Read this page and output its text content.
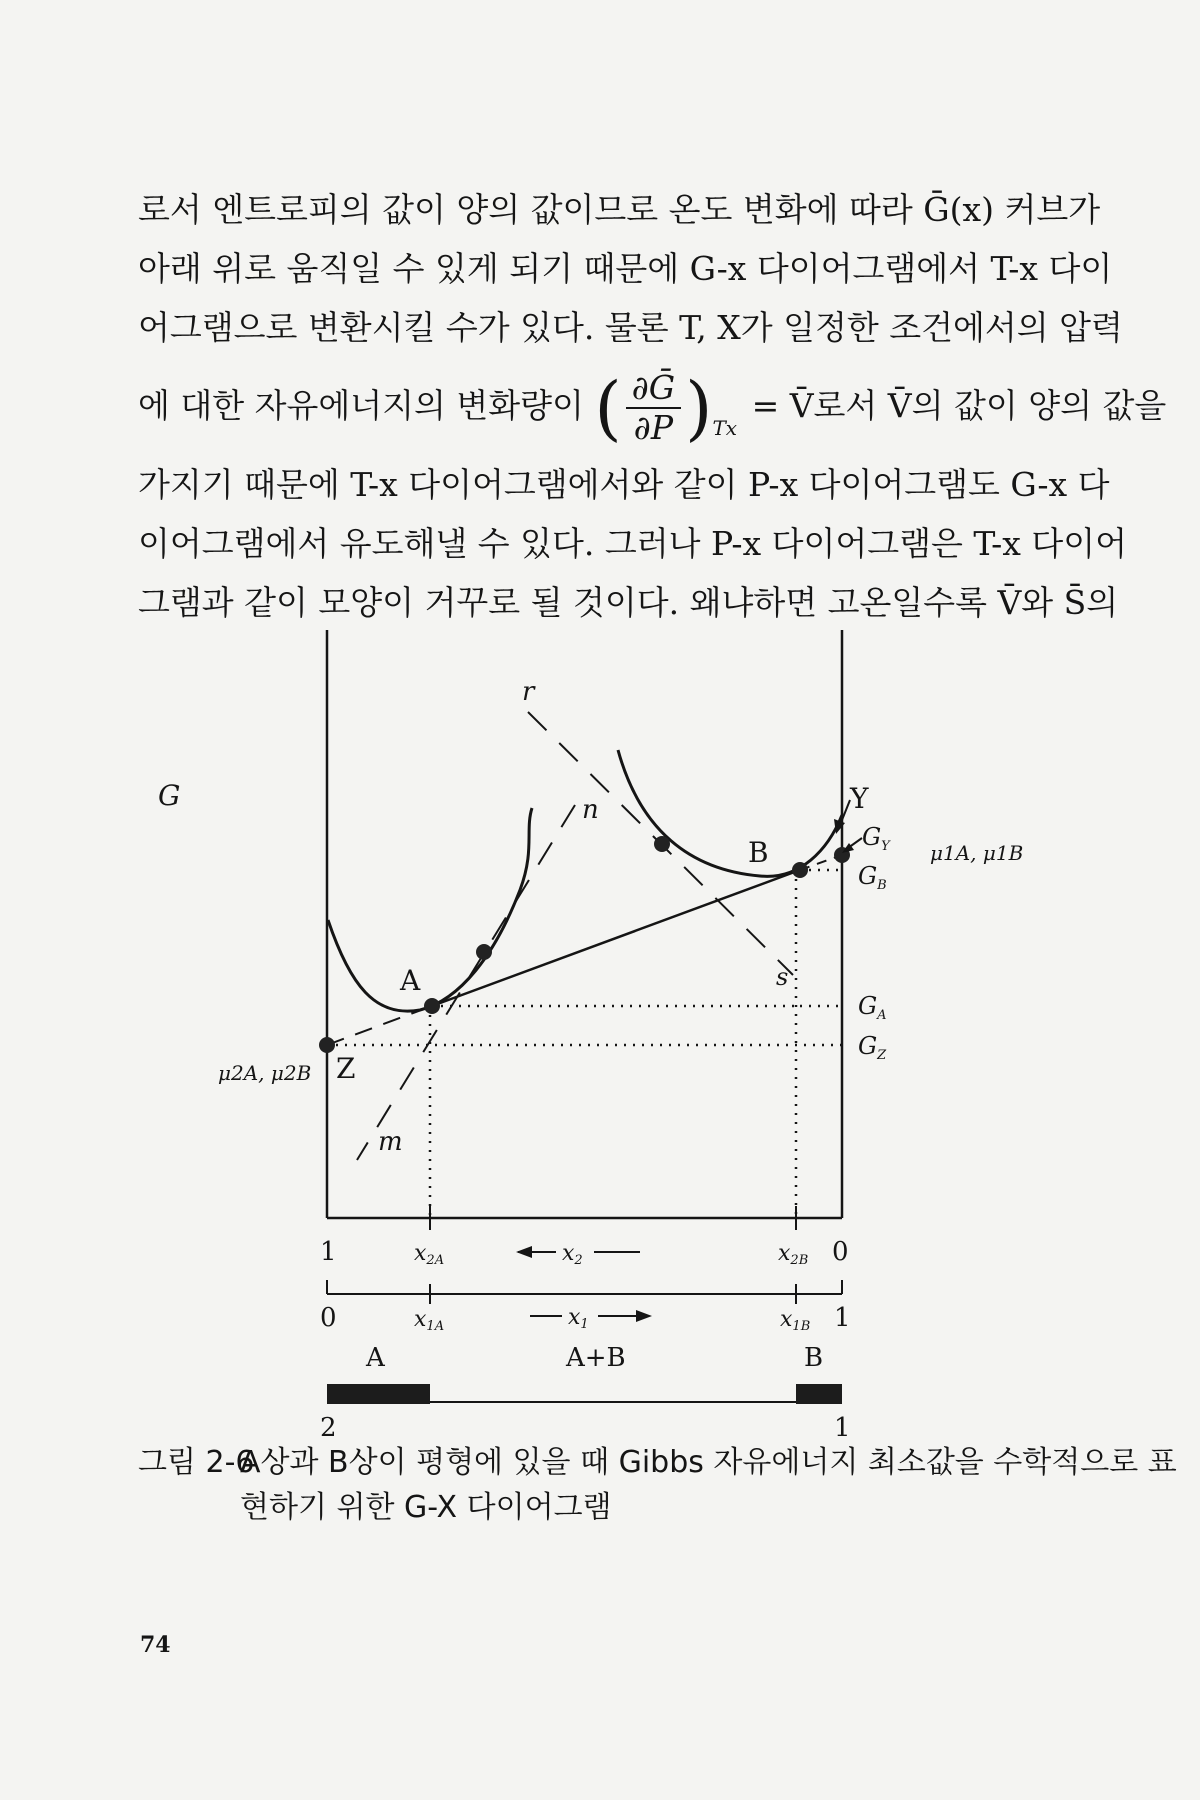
로서 엔트로피의 값이 양의 값이므로 온도 변화에 따라 Ḡ(x) 커브가
아래 위로 움직일 수 있게 되기 때문에 G-x 다이어그램에서 T-x 다이
어그램으로 변환시킬 수가 있다. 물론 T, X가 일정한 조건에서의 압력
에 대한 자유에너지의 변화량이 ( $\frac{\text{∂Ḡ}}{\partial P} )_{Tx}$ = V̄로서 V̄의 값이 양의 값을
가지기 때문에 T-x 다이어그램에서와 같이 P-x 다이어그램도 G-x 다
이어그램에서 유도해낼 수 있다. 그러나 P-x 다이어그램은 T-x 다이어
그램과 같이 모양이 거꾸로 될 것이다. 왜냐하면 고온일수록 V̄와 S̄의
G
r
n
s
m
A
B
Y
Z
$G_Y$
$G_B$
$G_A$
$G_Z$
μ1A, μ1B
μ2A, μ2B
1	0
x2A	x2B
x2
0	1
x1A	x1B
x1
A	A+B	B
2	1
그림 2-6A상과 B상이 평형에 있을 때 Gibbs 자유에너지 최소값을 수학적으로 표
현하기 위한 G-X 다이어그램
74
